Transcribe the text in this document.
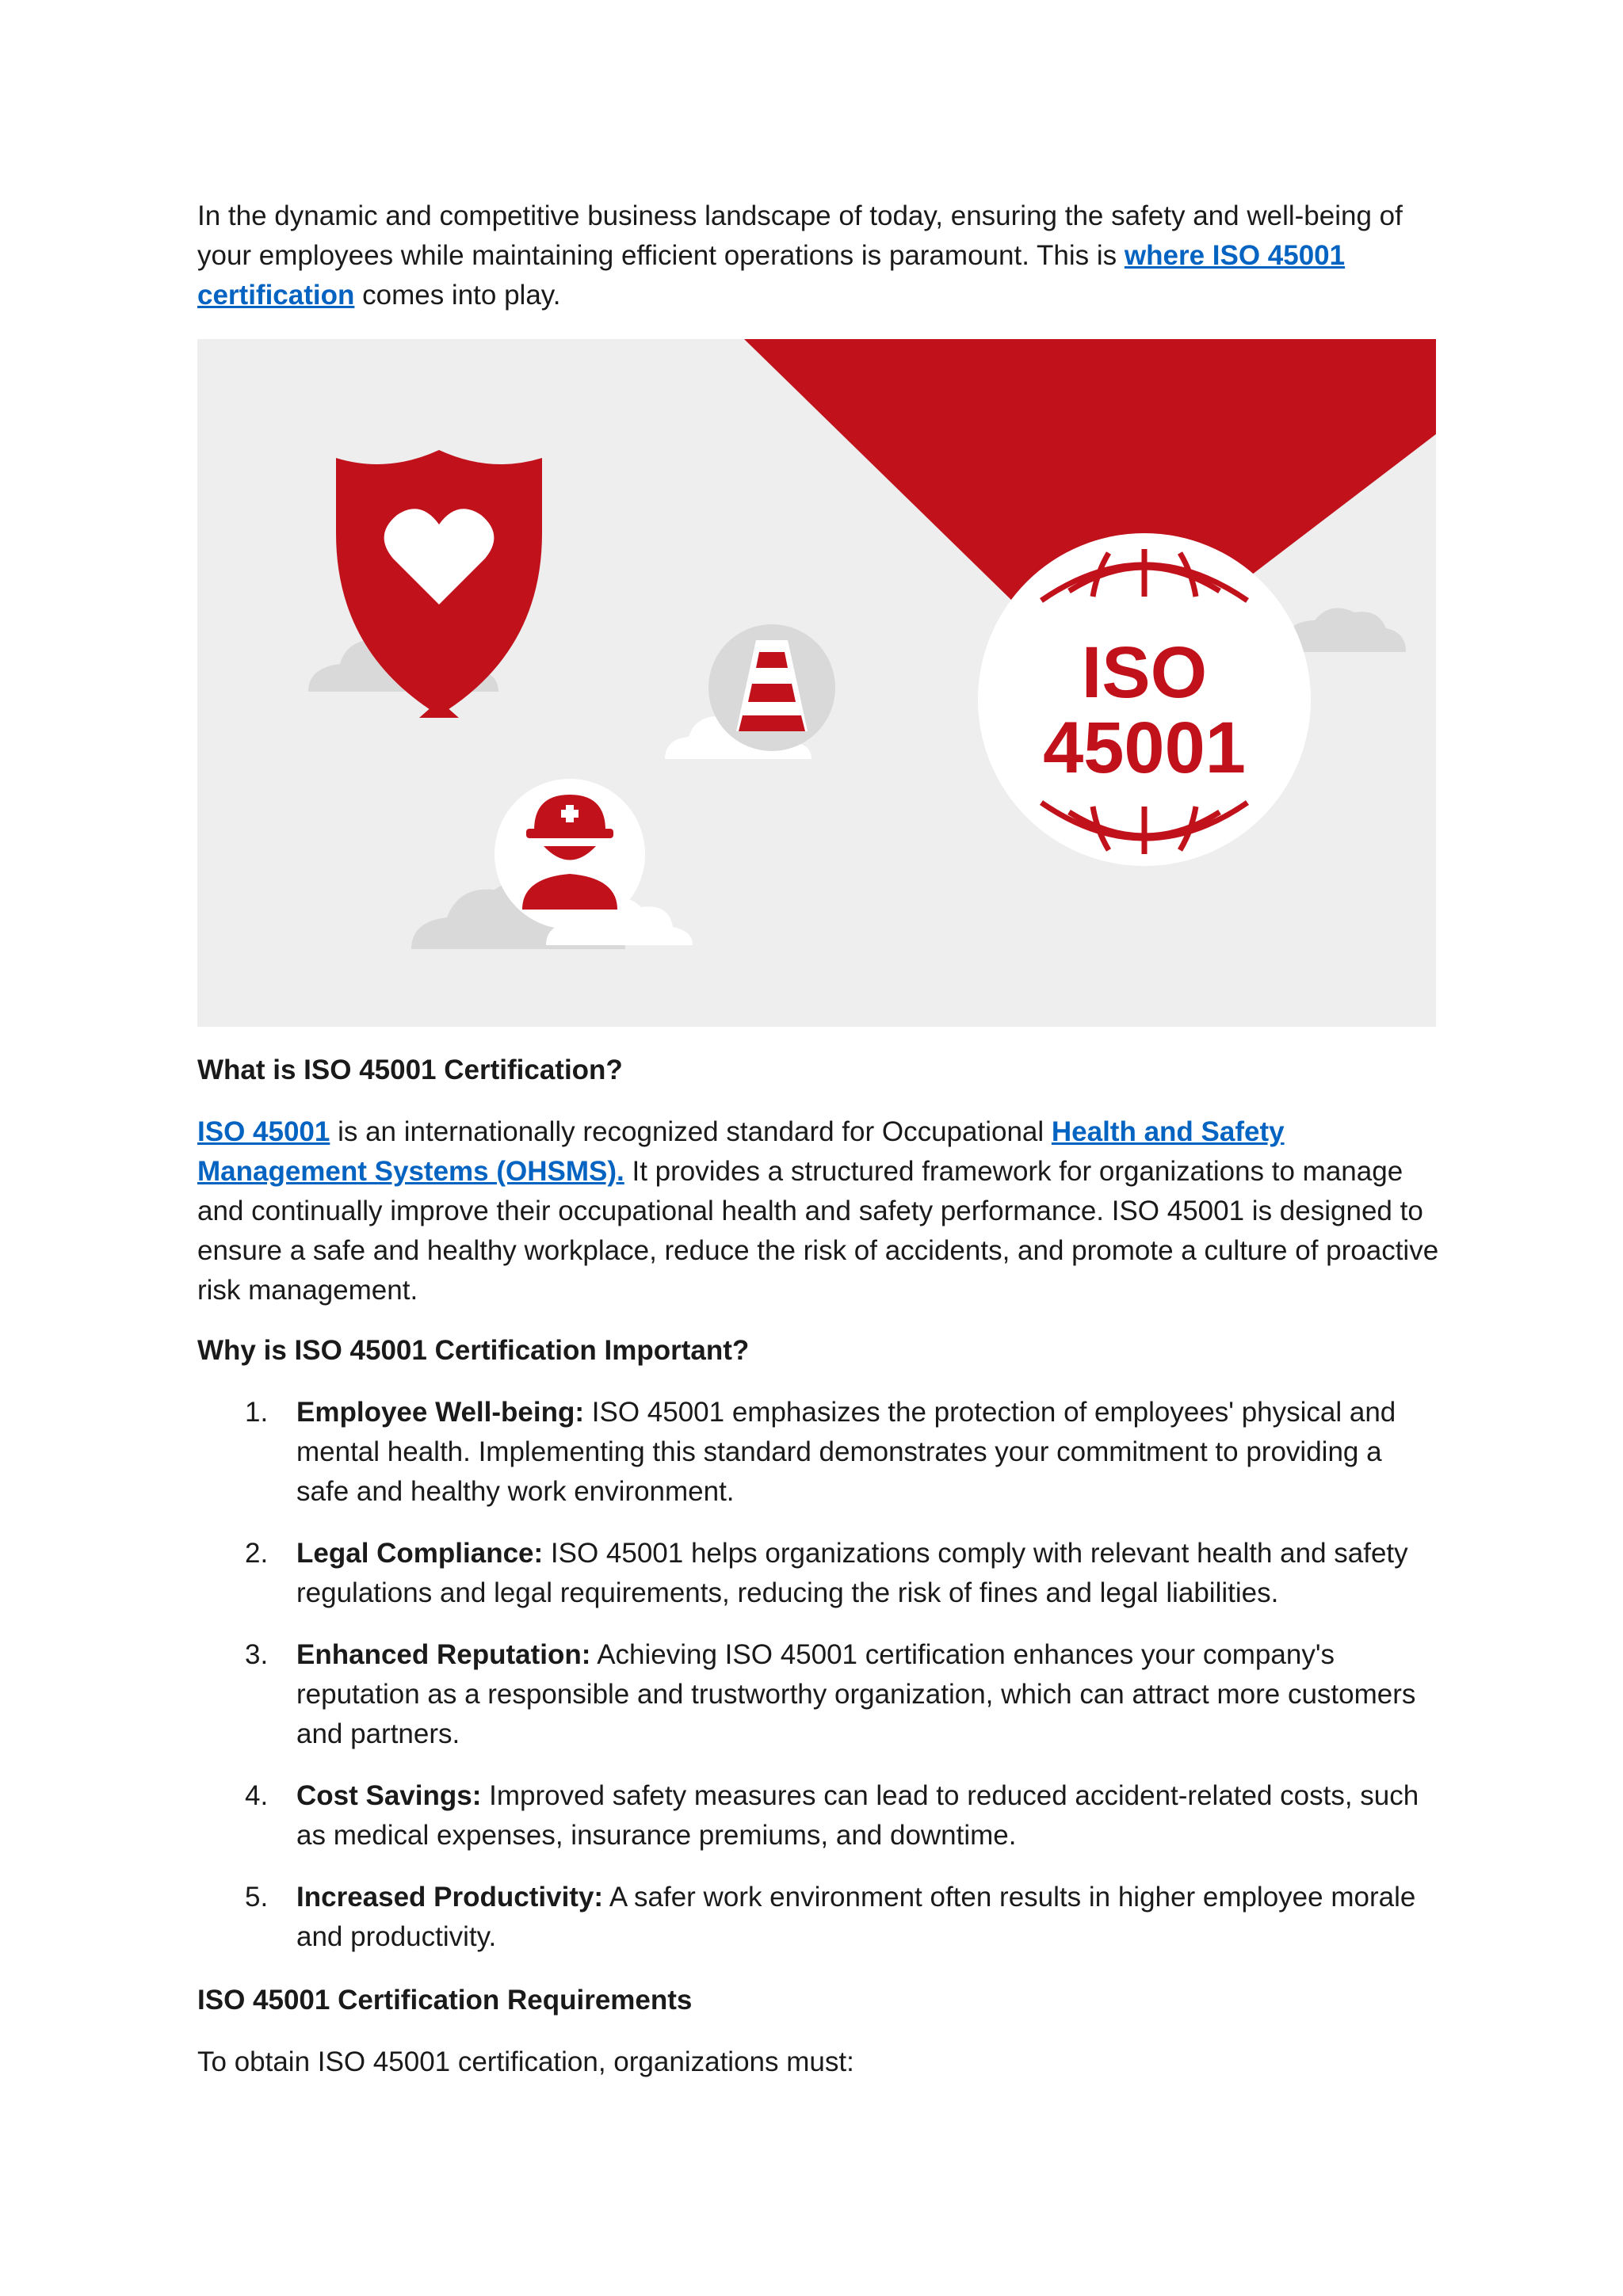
In the dynamic and competitive business landscape of today, ensuring the safety and well-being of your employees while maintaining efficient operations is paramount. This is where ISO 45001 certification comes into play.

ISO
45001
What is ISO 45001 Certification?

ISO 45001 is an internationally recognized standard for Occupational Health and Safety Management Systems (OHSMS). It provides a structured framework for organizations to manage and continually improve their occupational health and safety performance. ISO 45001 is designed to ensure a safe and healthy workplace, reduce the risk of accidents, and promote a culture of proactive risk management.

Why is ISO 45001 Certification Important?
1. Employee Well-being: ISO 45001 emphasizes the protection of employees' physical and mental health. Implementing this standard demonstrates your commitment to providing a safe and healthy work environment.
2. Legal Compliance: ISO 45001 helps organizations comply with relevant health and safety regulations and legal requirements, reducing the risk of fines and legal liabilities.
3. Enhanced Reputation: Achieving ISO 45001 certification enhances your company's reputation as a responsible and trustworthy organization, which can attract more customers and partners.
4. Cost Savings: Improved safety measures can lead to reduced accident-related costs, such as medical expenses, insurance premiums, and downtime.
5. Increased Productivity: A safer work environment often results in higher employee morale and productivity.
ISO 45001 Certification Requirements

To obtain ISO 45001 certification, organizations must:
